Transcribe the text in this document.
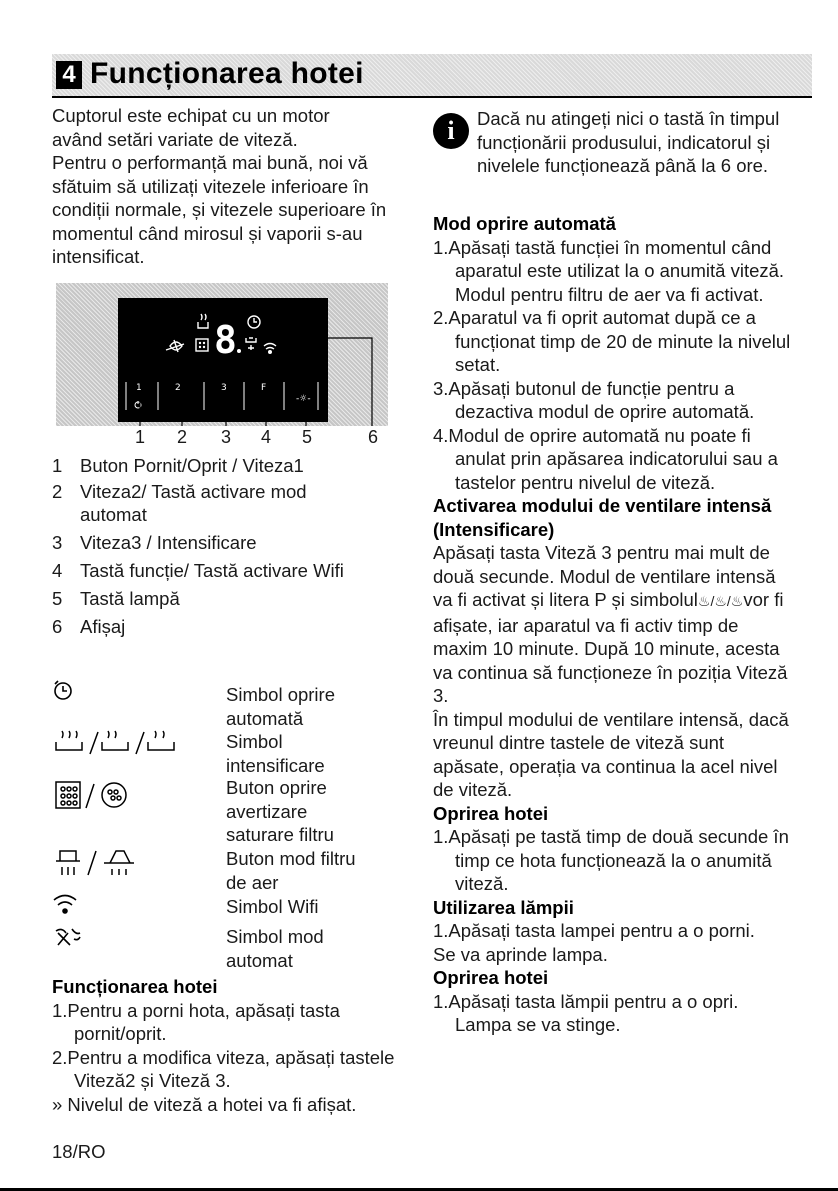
4 Funcționarea hotei

Cuptorul este echipat cu un motor

având setări variate de viteză.

Pentru o performanță mai bună, noi vă

sfătuim să utilizați vitezele inferioare în

condiții normale, și vitezele superioare în

momentul când mirosul și vaporii s-au

intensificat.

8
1	2	3	F
-☼-
1 2 3 4 5	6
1 Buton Pornit/Oprit / Viteza1
2 Viteza2/ Tastă activare mod
automat
3 Viteza3 / Intensificare
4 Tastă funcție/ Tastă activare Wifi
5 Tastă lampă
6 Afișaj
Simbol oprire
automată
Simbol
intensificare
Buton oprire
avertizare
saturare filtru
Buton mod filtru
de aer
Simbol Wifi
Simbol mod
automat

Funcționarea hotei

1.Pentru a porni hota, apăsați tasta pornit/oprit.

2.Pentru a modifica viteza, apăsați tastele Viteză2 și Viteză 3.

» Nivelul de viteză a hotei va fi afișat.

18/RO
i	Dacă nu atingeți nici o tastă în timpul funcționării produsului, indicatorul și nivelele funcționează până la 6 ore.

Mod oprire automată

1.Apăsați tastă funcției în momentul când aparatul este utilizat la o anumită viteză. Modul pentru filtru de aer va fi activat.

2.Aparatul va fi oprit automat după ce a funcționat timp de 20 de minute la nivelul setat.

3.Apăsați butonul de funcție pentru a dezactiva modul de oprire automată.

4.Modul de oprire automată nu poate fi anulat prin apăsarea indicatorului sau a tastelor pentru nivelul de viteză.

Activarea modului de ventilare intensă (Intensificare)

Apăsați tasta Viteză 3 pentru mai mult de două secunde. Modul de ventilare intensă va fi activat și litera P și simbolul♨/♨/♨vor fi afișate, iar aparatul va fi activ timp de maxim 10 minute. După 10 minute, acesta va continua să funcționeze în poziția Viteză 3.

În timpul modului de ventilare intensă, dacă vreunul dintre tastele de viteză sunt apăsate, operația va continua la acel nivel de viteză.

Oprirea hotei

1.Apăsați pe tastă timp de două secunde în timp ce hota funcționează la o anumită viteză.

Utilizarea lămpii

1.Apăsați tasta lampei pentru a o porni.

Se va aprinde lampa.

Oprirea hotei

1.Apăsați tasta lămpii pentru a o opri. Lampa se va stinge.
